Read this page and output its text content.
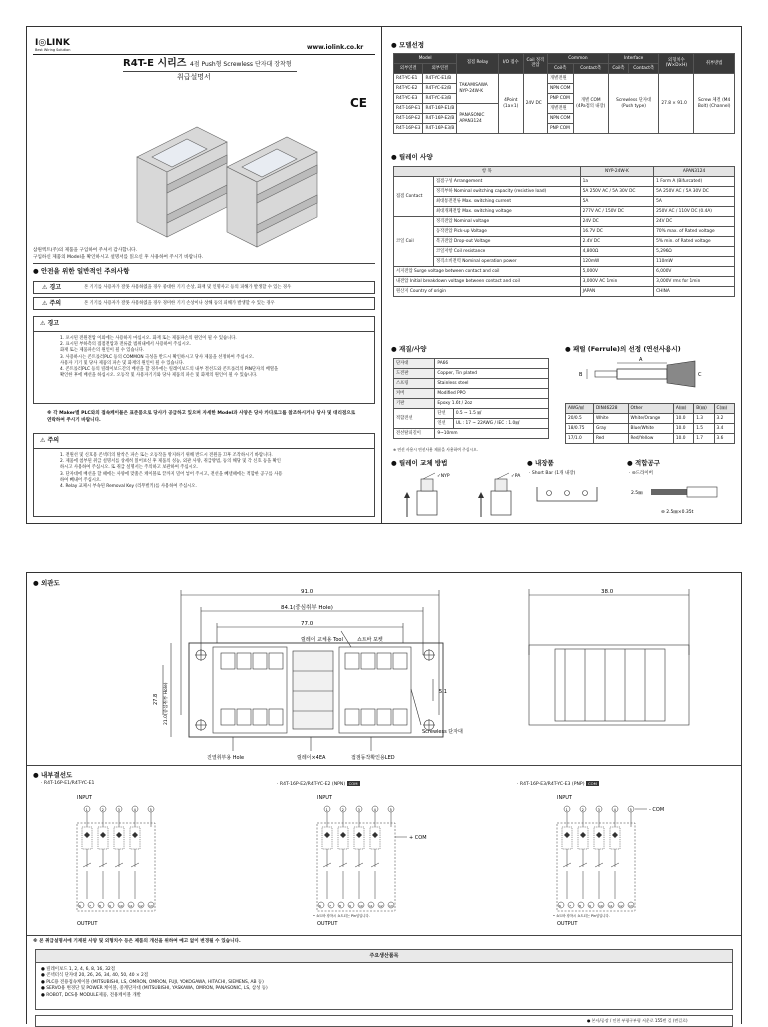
I◎LINK
Best Wiring Solution	www.iolink.co.kr
R4T-E 시리즈 4점 Push형 Screwless 단자대 장착형
취급설명서
CE
삼원엑트(주)의 제품을 구입하여 주셔서 감사합니다.
구입하신 제품의 Model을 확인하시고 설명서를 읽으신 후 사용하여 주시기 바랍니다.
● 안전을 위한 일반적인 주의사항
⚠ 경고	본 기기를 사용자가 잘못 사용하였을 경우 중대한 기기 손상, 화재 및 인명사고 등의 피해가 발생할 수 있는 경우
⚠ 주의	본 기기를 사용자가 잘못 사용하였을 경우 경미한 기기 손상이나 상해 등의 피해가 발생할 수 있는 경우
⚠ 경고
1. 포시된 전원전압 이외에는 사용하지 마십시오. 화재 또는 제품파손의 원인이 될 수 있습니다.
2. 표시된 부하측의 접점전압과 전류값 범위내에서 사용하여 주십시오.
화재 또는 제품파손의 원인이 될 수 있습니다.
3. 사용하시는 콘트롤러PLC 등의 COMMON 극성을 반드시 확인하시고 당사 제품을 선정하여 주십시오.
사용자 기기 및 당사 제품의 파손 및 화재의 원인이 될 수 있습니다.
4. 콘트롤러PLC 등의 릴레이보드간의 배선을 할 경우에는 릴레이보드의 내부 결선도와 콘트롤러의 PIN단자의 배열을
확인한 후에 배선을 하십시오. 오동작 및 사용자기기와 당사 제품의 파손 및 화재의 원인이 될 수 있습니다.
※ 각 Maker별 PLC와의 접속케이블은 표준품으로 당사가 공급하고 있으며 자세한 Model과 사양은 당사 카다로그를 참조하시거나 당사 및 대리점으로 연락하여 주시기 바랍니다.
⚠ 주의
1. 전원선 및 신호용 콘넥터의 탈착은 파손 또는 오동작을 방지하기 위해 반드시 전원을 끄후 조작하시기 바랍니다.
2. 제품에 첨부된 취급 설명서를 상세히 읽어보신 후 제품의 성능, 외관 사양, 취급방법, 등의 해당 및 각 신호 등을 확인
하시고 사용하여 주십시오. 또 취급 설명서는 주의하고 보관하여 주십시오.
3. 단자대에 배선을 할 때에는 사양에 맞춤은 케이블로 끝까지 밀어 넣어 주시고, 전선을 빼낼때에는 적합한 공구를 사용
하여 빼내어 주십시오.
4. Relay 교체시 부속된 Removal Key (리무벌키)를 사용하여 주십시오.
● 모델선정
Model		접점 Relay	I/O 접수	Coil 정격전압	Common		Interface		외형치수 (W×D×H)	취부방법
외부연결	외부연결				Coil측	Contact측	Coil측	Contact측		
R4T-YC-E1	R4T-YC-E1/B	TAKAMISAWA NYP-24W-K	4Point (1a×1)	24V DC	개별전원	개별 COM (4Pa점의 내장)	Screwless 단자대 (Push type)		27.8 × 91.0	Screw 체결 (M4 Bolt) (Channel)
R4T-YC-E2	R4T-YC-E2/B				NPN COM					
R4T-YC-E3	R4T-YC-E3/B				PNP COM					
R4T-16P-E1	R4T-16P-E1/B	PANASONIC APAN3124			개별전원					
R4T-16P-E2	R4T-16P-E2/B				NPN COM					
R4T-16P-E3	R4T-16P-E3/B				PNP COM					
● 릴레이 사양
항 목		NYP-24W-K	APAN3124
접점 Contact	접점구성 Arrangement	1a	1 Form A (Bifurcated)
	정격부하 Nominal switching capacity (resistive load)	5A 250V AC / 5A 30V DC	5A 250V AC / 5A 30V DC
	최대통전전류 Max. switching current	5A	5A
	최대개폐전압 Max. switching voltage	277V AC / 150V DC	250V AC / 110V DC (0.4A)
코일 Coil	정격전압 Nominal voltage	24V DC	24V DC
	동작전압 Pick-up Voltage	16.7V DC	70% max. of Rated voltage
	복귀전압 Drop-out Voltage	2.4V DC	5% min. of Rated voltage
	코일저항 Coil resistance	4,800Ω	5,296Ω
	정격소비전력 Nominal operation power	120mW	110mW
서지전압 Surge voltage between contact and coil		5,000V	6,000V
내전압 Initial breakdown voltage between contact and coil		3,000V AC 1min	3,000V rms for 1min
원산지 Country of origin		JAPAN	CHINA
● 재질/사양
단자대	PA66	
도전판	Copper, Tin plated	
스프링	Stainless steel	
커버	Modified PPO	
기판	Epoxy 1.6t / 2oz	
적합전선	단선	0.5 ~ 1.5 ㎟
	연선	UL : 17 ~ 22AWG / IEC : 1.0㎟
전선탈피길이	9~10mm	
※ 연선 사용시 연선사용 제품을 사용하여 주십시오.
● 패럴 (Ferrule)의 선정 (연선사용시)
A
B	C
AWG/㎟	DIN46228	Other	A(㎜)	B(㎜)	C(㎜)
20/0.5	White	White/Orange	10.0	1.3	3.2
18/0.75	Gray	Blue/White	10.0	1.5	3.4
17/1.0	Red	Red/Yellow	10.0	1.7	3.6
● 릴레이 교체 방법
✓NYP	✓PA
● 내장품
· Short Bar (1개 내장)
● 적합공구
· ⊖드라이버
2.5㎜
⊖ 2.5㎜×0.35t
● 외관도
91.0
84.1(중심취부 Hole)
77.0
릴레이 교체용 Tool	쇼트바 포켓
Screwless 단자대
5.1
진열취부용 Hole	릴레이×4EA	접점동작확인용LED
27.8	21.0(중심취부 Hole)
38.0
● 내부결선도
· R4T-16P-E1/R4T-YC-E1	· R4T-16P-E2/R4T-YC-E2 (NPN) COM	· R4T-16P-E3/R4T-YC-E3 (PNP) COM
INPUT
1	2	3	4	5
6	7	8	9	10 11 12 13
OUTPUT
INPUT
1	2	3	4	5
6	7	8	9	10 11 12 13
OUTPUT
+ COM
• 쇼트바 장착시 쇼트되는 Pin임입니다.
INPUT
1	2	3	4	5
6	7	8	9	10 11 12 13
OUTPUT
- COM
• 쇼트바 장착시 쇼트되는 Pin임입니다.
※ 본 취급설명서에 기재된 사양 및 외형치수 등은 제품의 개선을 위하여 예고 없이 변경될 수 있습니다.
주요생산품목
● 릴레이보드 1, 2, 4, 6, 8, 16, 32점
● 콘넥터식 단자대 20, 26, 26, 34, 40, 50, 40 × 2점
● PLC용 전용접속케이블 (MITSUBISHI, LS, OMRON, OMRON, FUJI, YOKOGAWA, HITACHI, SIEMENS, AB 등)
● SERVO용 변경단 및 POWER 케이블, 중계단자대 (MITSUBISHI, YASKAWA, OMRON, PANASONIC, LS, 삼성 등)
● ROBOT, DCS용 MODULE제품, 전용케이블 개발
● 본사/공장 / 인천 부평구부평 서운로 155번 길 (번길로)
